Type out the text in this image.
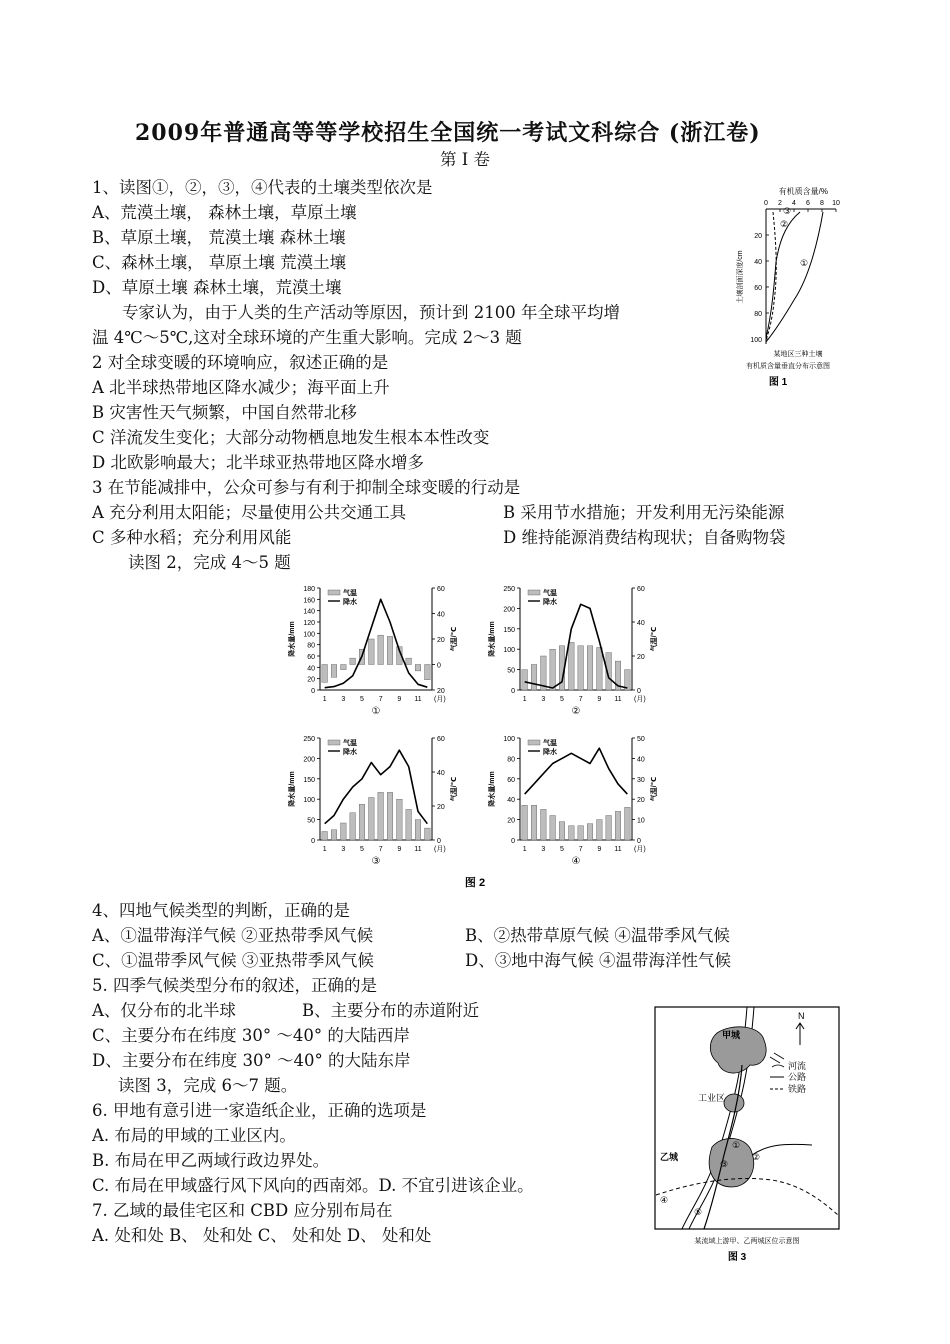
2009年普通高等等学校招生全国统一考试文科综合 (浙江卷)
第 I 卷
1、读图①，②，③，④代表的土壤类型依次是
A、荒漠土壤， 森林土壤，草原土壤
B、草原土壤， 荒漠土壤 森林土壤
C、森林土壤， 草原土壤 荒漠土壤
D、草原土壤 森林土壤，荒漠土壤
专家认为，由于人类的生产活动等原因，预计到 2100 年全球平均增
温 4℃～5℃,这对全球环境的产生重大影响。完成 2～3 题
2 对全球变暖的环境响应，叙述正确的是
A 北半球热带地区降水减少；海平面上升
B 灾害性天气频繁，中国自然带北移
C 洋流发生变化；大部分动物栖息地发生根本本性改变
D 北欧影响最大；北半球亚热带地区降水增多
3 在节能减排中，公众可参与有利于抑制全球变暖的行动是
A 充分利用太阳能；尽量使用公共交通工具	B 采用节水措施；开发利用无污染能源
C 多种水稻；充分利用风能	D 维持能源消费结构现状；自备购物袋
读图 2，完成 4～5 题
有机质含量/%
0 2 4 6 8 10
20
40
60
80
100
土壤剖面深度/cm
②
③
①
某地区三种土壤
有机质含量垂直分布示意图
图 1
0
20
40
60
80
100
120
140
160
180
20
0
20
40
60
降水量/mm	气温/℃
1 3 5 7 9 11 (月)
气温
降水
①
0
50
100
150
200
250
0
20
40
60
降水量/mm	气温/℃
1 3 5 7 9 11 (月)
气温
降水
②
0
50
100
150
200
250
0
20
40
60
降水量/mm	气温/℃
1 3 5 7 9 11 (月)
气温
降水
③
0
20
40
60
80
100
0
10
20
30
40
50
降水量/mm	气温/℃
1 3 5 7 9 11 (月)
气温
降水
④
图 2
4、四地气候类型的判断，正确的是
A、①温带海洋气候 ②亚热带季风气候	B、②热带草原气候 ④温带季风气候
C、①温带季风气候 ③亚热带季风气候	D、③地中海气候 ④温带海洋性气候
5. 四季气候类型分布的叙述，正确的是
A、仅分布的北半球	B、主要分布的赤道附近
C、主要分布在纬度 30° ～40° 的大陆西岸
D、主要分布在纬度 30° ～40° 的大陆东岸
读图 3，完成 6～7 题。
6. 甲地有意引进一家造纸企业，正确的选项是
A. 布局的甲域的工业区内。
B. 布局在甲乙两域行政边界处。
C. 布局在甲域盛行风下风向的西南郊。D. 不宜引进该企业。
7. 乙域的最佳宅区和 CBD 应分别布局在
A. 处和处 B、 处和处 C、 处和处 D、 处和处
甲城
工业区
乙城
N
河流
公路
铁路
①
②
③
④
⑤
某流域上游甲、乙两城区位示意图
图 3
